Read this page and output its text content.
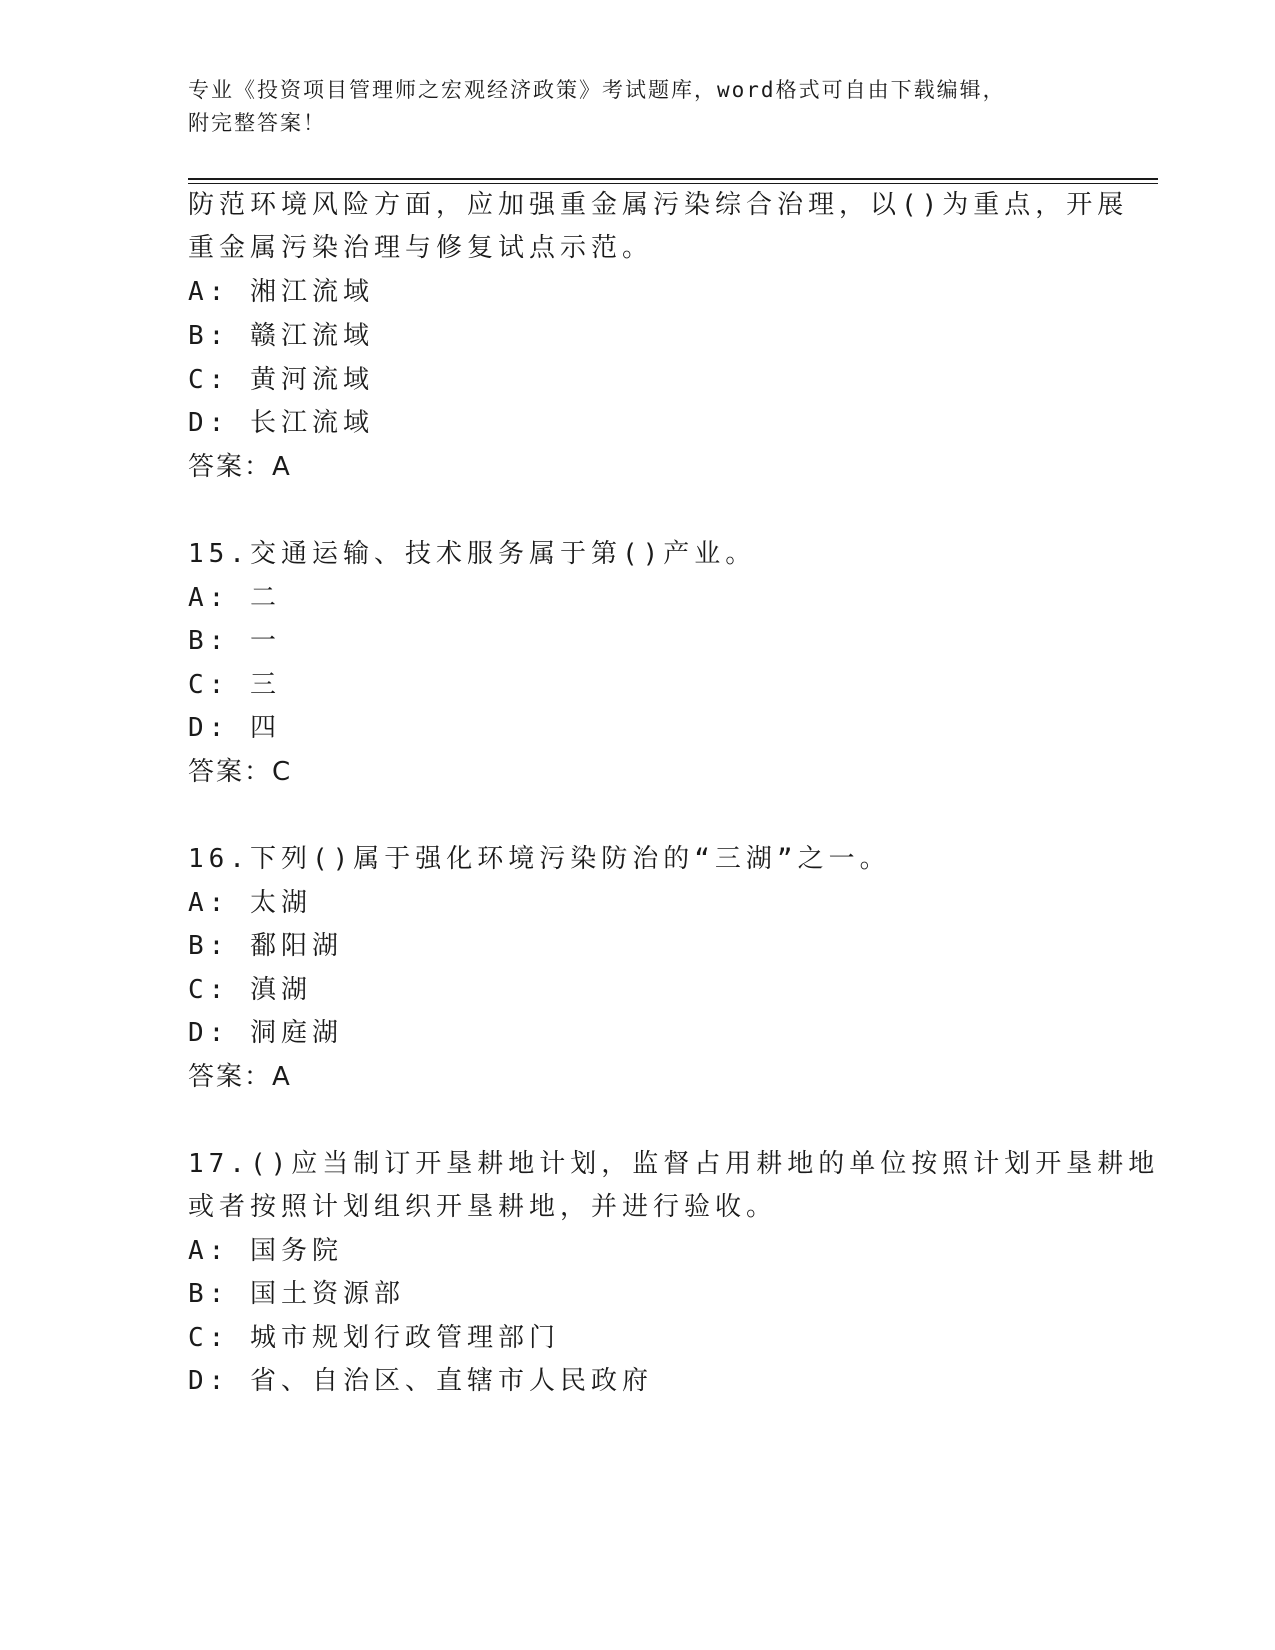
专业《投资项目管理师之宏观经济政策》考试题库，word格式可自由下载编辑，
附完整答案！
防范环境风险方面，应加强重金属污染综合治理，以()为重点，开展
重金属污染治理与修复试点示范。
A: 湘江流域
B: 赣江流域
C: 黄河流域
D: 长江流域
答案：A
15.交通运输、技术服务属于第()产业。
A: 二
B: 一
C: 三
D: 四
答案：C
16.下列()属于强化环境污染防治的“三湖”之一。
A: 太湖
B: 鄱阳湖
C: 滇湖
D: 洞庭湖
答案：A
17.()应当制订开垦耕地计划，监督占用耕地的单位按照计划开垦耕地
或者按照计划组织开垦耕地，并进行验收。
A: 国务院
B: 国土资源部
C: 城市规划行政管理部门
D: 省、自治区、直辖市人民政府
